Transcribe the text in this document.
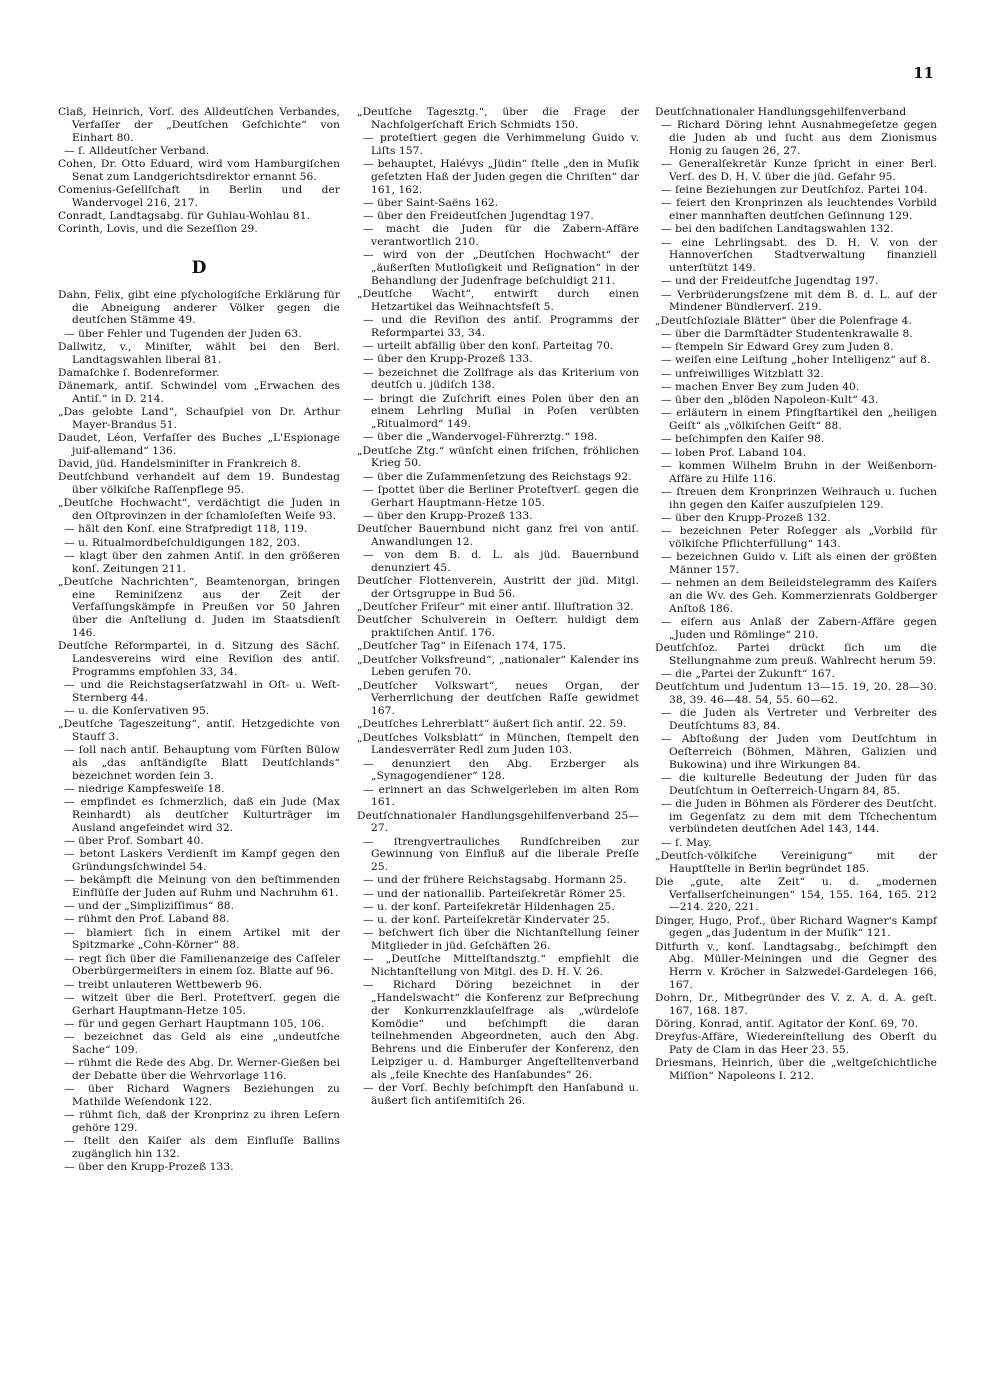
11

Claß, Heinrich, Vorſ. des Alldeutſchen Verbandes, Verfaſſer der „Deutſchen Geſchichte“ von Einhart 80.

— ſ. Alldeutſcher Verband.

Cohen, Dr. Otto Eduard, wird vom Hamburgiſchen Senat zum Landgerichtsdirektor ernannt 56.

Comenius-Geſellſchaft in Berlin und der Wandervogel 216, 217.

Conradt, Landtagsabg. für Guhlau-Wohlau 81.

Corinth, Lovis, und die Sezeſſion 29.

D

Dahn, Felix, gibt eine pſychologiſche Erklärung für die Abneigung anderer Völker gegen die deutſchen Stämme 49.

— über Fehler und Tugenden der Juden 63.

Dallwitz, v., Miniſter, wählt bei den Berl. Landtagswahlen liberal 81.

Damaſchke ſ. Bodenreformer.

Dänemark, antiſ. Schwindel vom „Erwachen des Antiſ.“ in D. 214.

„Das gelobte Land“, Schauſpiel von Dr. Arthur Mayer-Brandus 51.

Daudet, Léon, Verfaſſer des Buches „L'Espionage juif-allemand“ 136.

David, jüd. Handelsminiſter in Frankreich 8.

Deutſchbund verhandelt auf dem 19. Bundestag über völkiſche Raſſenpflege 95.

„Deutſche Hochwacht“, verdächtigt die Juden in den Oſtprovinzen in der ſchamloſeſten Weiſe 93.

— hält den Konſ. eine Strafpredigt 118, 119.

— u. Ritualmordbeſchuldigungen 182, 203.

— klagt über den zahmen Antiſ. in den größeren konſ. Zeitungen 211.

„Deutſche Nachrichten“, Beamtenorgan, bringen eine Reminiſzenz aus der Zeit der Verfaſſungskämpfe in Preußen vor 50 Jahren über die Anſtellung d. Juden im Staatsdienſt 146.

Deutſche Reformpartei, in d. Sitzung des Sächſ. Landesvereins wird eine Reviſion des antiſ. Programms empfohlen 33, 34.

— und die Reichstagserſatzwahl in Oſt- u. Weſt-Sternberg 44.

— u. die Konſervativen 95.

„Deutſche Tageszeitung“, antiſ. Hetzgedichte von Stauff 3.

— ſoll nach antiſ. Behauptung vom Fürſten Bülow als „das anſtändigſte Blatt Deutſchlands“ bezeichnet worden ſein 3.

— niedrige Kampfesweiſe 18.

— empfindet es ſchmerzlich, daß ein Jude (Max Reinhardt) als deutſcher Kulturträger im Ausland angefeindet wird 32.

— über Prof. Sombart 40.

— betont Laskers Verdienſt im Kampf gegen den Gründungsſchwindel 54.

— bekämpft die Meinung von den beſtimmenden Einflüſſe der Juden auf Ruhm und Nachruhm 61.

— und der „Simpliziſſimus“ 88.

— rühmt den Prof. Laband 88.

— blamiert ſich in einem Artikel mit der Spitzmarke „Cohn-Körner“ 88.

— regt ſich über die Familienanzeige des Caſſeler Oberbürgermeiſters in einem ſoz. Blatte auf 96.

— treibt unlauteren Wettbewerb 96.

— witzelt über die Berl. Proteſtverſ. gegen die Gerhart Hauptmann-Hetze 105.

— für und gegen Gerhart Hauptmann 105, 106.

— bezeichnet das Geld als eine „undeutſche Sache“ 109.

— rühmt die Rede des Abg. Dr. Werner-Gießen bei der Debatte über die Wehrvorlage 116.

— über Richard Wagners Beziehungen zu Mathilde Weſendonk 122.

— rühmt ſich, daß der Kronprinz zu ihren Leſern gehöre 129.

— ſtellt den Kaiſer als dem Einfluſſe Ballins zugänglich hin 132.

— über den Krupp-Prozeß 133.

„Deutſche Tagesztg.“, über die Frage der Nachfolgerſchaft Erich Schmidts 150.

— proteſtiert gegen die Verhimmelung Guido v. Liſts 157.

— behauptet, Halévys „Jüdin“ ſtelle „den in Muſik geſetzten Haß der Juden gegen die Chriſten“ dar 161, 162.

— über Saint-Saëns 162.

— über den Freideutſchen Jugendtag 197.

— macht die Juden für die Zabern-Affäre verantwortlich 210.

— wird von der „Deutſchen Hochwacht“ der „äußerſten Mutloſigkeit und Reſignation“ in der Behandlung der Judenfrage beſchuldigt 211.

„Deutſche Wacht“, entwirft durch einen Hetzartikel das Weihnachtsfeſt 5.

— und die Reviſion des antiſ. Programms der Reformpartei 33, 34.

— urteilt abfällig über den konſ. Parteitag 70.

— über den Krupp-Prozeß 133.

— bezeichnet die Zollfrage als das Kriterium von deutſch u. jüdiſch 138.

— bringt die Zuſchrift eines Polen über den an einem Lehrling Muſial in Poſen verübten „Ritualmord“ 149.

— über die „Wandervogel-Führerztg.“ 198.

„Deutſche Ztg.“ wünſcht einen friſchen, fröhlichen Krieg 50.

— über die Zuſammenſetzung des Reichstags 92.

— ſpottet über die Berliner Proteſtverſ. gegen die Gerhart Hauptmann-Hetze 105.

— über den Krupp-Prozeß 133.

Deutſcher Bauernbund nicht ganz frei von antiſ. Anwandlungen 12.

— von dem B. d. L. als jüd. Bauernbund denunziert 45.

Deutſcher Flottenverein, Austritt der jüd. Mitgl. der Ortsgruppe in Bud 56.

„Deutſcher Friſeur“ mit einer antiſ. Illuſtration 32.

Deutſcher Schulverein in Oeſterr. huldigt dem praktiſchen Antiſ. 176.

„Deutſcher Tag“ in Eiſenach 174, 175.

„Deutſcher Volksfreund“, „nationaler“ Kalender ins Leben gerufen 70.

„Deutſcher Volkswart“, neues Organ, der Verherrlichung der deutſchen Raſſe gewidmet 167.

„Deutſches Lehrerblatt“ äußert ſich antiſ. 22. 59.

„Deutſches Volksblatt“ in München, ſtempelt den Landesverräter Redl zum Juden 103.

— denunziert den Abg. Erzberger als „Synagogendiener“ 128.

— erinnert an das Schwelgerleben im alten Rom 161.

Deutſchnationaler Handlungsgehilfenverband 25—27.

— ſtrengvertrauliches Rundſchreiben zur Gewinnung von Einfluß auf die liberale Preſſe 25.

— und der frühere Reichstagsabg. Hormann 25.

— und der nationallib. Parteiſekretär Römer 25.

— u. der konſ. Parteiſekretär Hildenhagen 25.

— u. der konſ. Parteiſekretär Kindervater 25.

— beſchwert ſich über die Nichtanſtellung ſeiner Mitglieder in jüd. Geſchäften 26.

— „Deutſche Mittelſtandsztg.“ empfiehlt die Nichtanſtellung von Mitgl. des D. H. V. 26.

— Richard Döring bezeichnet in der „Handelswacht“ die Konferenz zur Beſprechung der Konkurrenzklauſelfrage als „würdeloſe Komödie“ und beſchimpft die daran teilnehmenden Abgeordneten, auch den Abg. Behrens und die Einberufer der Konferenz, den Leipziger u. d. Hamburger Angeſtelltenverband als „feile Knechte des Hanſabundes“ 26.

— der Vorſ. Bechly beſchimpft den Hanſabund u. äußert ſich antiſemitiſch 26.

Deutſchnationaler Handlungsgehilfenverband

— Richard Döring lehnt Ausnahmegeſetze gegen die Juden ab und ſucht aus dem Zionismus Honig zu ſaugen 26, 27.

— Generalſekretär Kunze ſpricht in einer Berl. Verſ. des D. H. V. über die jüd. Gefahr 95.

— ſeine Beziehungen zur Deutſchſoz. Partei 104.

— feiert den Kronprinzen als leuchtendes Vorbild einer mannhaften deutſchen Geſinnung 129.

— bei den badiſchen Landtagswahlen 132.

— eine Lehrlingsabt. des D. H. V. von der Hannoverſchen Stadtverwaltung finanziell unterſtützt 149.

— und der Freideutſche Jugendtag 197.

— Verbrüderungsſzene mit dem B. d. L. auf der Mindener Bündlerverſ. 219.

„Deutſchſoziale Blätter“ über die Polenfrage 4.

— über die Darmſtädter Studentenkrawalle 8.

— ſtempeln Sir Edward Grey zum Juden 8.

— weiſen eine Leiſtung „hoher Intelligenz“ auf 8.

— unfreiwilliges Witzblatt 32.

— machen Enver Bey zum Juden 40.

— über den „blöden Napoleon-Kult“ 43.

— erläutern in einem Pfingſtartikel den „heiligen Geiſt“ als „völkiſchen Geiſt“ 88.

— beſchimpfen den Kaiſer 98.

— loben Prof. Laband 104.

— kommen Wilhelm Bruhn in der Weißenborn-Affäre zu Hilfe 116.

— ſtreuen dem Kronprinzen Weihrauch u. ſuchen ihn gegen den Kaiſer auszuſpielen 129.

— über den Krupp-Prozeß 132.

— bezeichnen Peter Roſegger als „Vorbild für völkiſche Pflichterfüllung“ 143.

— bezeichnen Guido v. Liſt als einen der größten Männer 157.

— nehmen an dem Beileidstelegramm des Kaiſers an die Wv. des Geh. Kommerzienrats Goldberger Anſtoß 186.

— eifern aus Anlaß der Zabern-Affäre gegen „Juden und Römlinge“ 210.

Deutſchſoz. Partei drückt ſich um die Stellungnahme zum preuß. Wahlrecht herum 59.

— die „Partei der Zukunft“ 167.

Deutſchtum und Judentum 13—15. 19, 20. 28—30. 38, 39. 46—48. 54, 55. 60—62.

— die Juden als Vertreter und Verbreiter des Deutſchtums 83, 84.

— Abſtoßung der Juden vom Deutſchtum in Oeſterreich (Böhmen, Mähren, Galizien und Bukowina) und ihre Wirkungen 84.

— die kulturelle Bedeutung der Juden für das Deutſchtum in Oeſterreich-Ungarn 84, 85.

— die Juden in Böhmen als Förderer des Deutſcht. im Gegenſatz zu dem mit dem Tſchechentum verbündeten deutſchen Adel 143, 144.

— ſ. May.

„Deutſch-völkiſche Vereinigung“ mit der Hauptſtelle in Berlin begründet 185.

Die „gute, alte Zeit“ u. d. „modernen Verfallserſcheinungen“ 154, 155. 164, 165. 212—214. 220, 221.

Dinger, Hugo, Prof., über Richard Wagner's Kampf gegen „das Judentum in der Muſik“ 121.

Ditfurth v., konſ. Landtagsabg., beſchimpft den Abg. Müller-Meiningen und die Gegner des Herrn v. Kröcher in Salzwedel-Gardelegen 166, 167.

Dohrn, Dr., Mitbegründer des V. z. A. d. A. geſt. 167, 168. 187.

Döring, Konrad, antiſ. Agitator der Konſ. 69, 70.

Dreyfus-Affäre, Wiedereinſtellung des Oberſt du Paty de Clam in das Heer 23. 55.

Driesmans, Heinrich, über die „weltgeſchichtliche Miſſion“ Napoleons I. 212.
